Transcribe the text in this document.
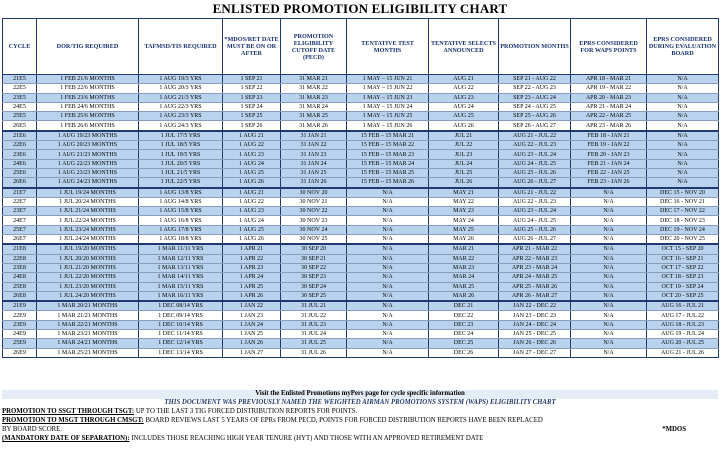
ENLISTED PROMOTION ELIGIBILITY CHART
CYCLE	DOR/TIG REQUIRED	TAFMSD/TIS REQUIRED	*MDOS/RET DATE MUST BE ON OR AFTER	PROMOTION ELIGIBILITY CUTOFF DATE (PECD)	TENTATIVE TEST MONTHS	TENTATIVE SELECTS ANNOUNCED	PROMOTION MONTHS	EPRS CONSIDERED FOR WAPS POINTS	EPRS CONSIDERED DURING EVALUATION BOARD
21E5	1 FEB 21/6 MONTHS	1 AUG 19/3 YRS	1 SEP 21	31 MAR 21	1 MAY – 15 JUN 21	AUG 21	SEP 21 - AUG 22	APR 18 - MAR 21	N/A
22E5	1 FEB 22/6 MONTHS	1 AUG 20/3 YRS	1 SEP 22	31 MAR 22	1 MAY – 15 JUN 22	AUG 22	SEP 22 - AUG 23	APR 19 - MAR 22	N/A
23E5	1 FEB 23/6 MONTHS	1 AUG 21/3 YRS	1 SEP 23	31 MAR 23	1 MAY – 15 JUN 23	AUG 23	SEP 23 - AUG 24	APR 20 - MAR 23	N/A
24E5	1 FEB 24/6 MONTHS	1 AUG 22/3 YRS	1 SEP 24	31 MAR 24	1 MAY – 15 JUN 24	AUG 24	SEP 24 - AUG 25	APR 21 - MAR 24	N/A
25E5	1 FEB 25/6 MONTHS	1 AUG 23/3 YRS	1 SEP 25	31 MAR 25	1 MAY – 15 JUN 25	AUG 25	SEP 25 - AUG 26	APR 22 - MAR 25	N/A
26E5	1 FEB 26/6 MONTHS	1 AUG 24/3 YRS	1 SEP 26	31 MAR 26	1 MAY – 15 JUN 26	AUG 26	SEP 26 - AUG 27	APR 23 - MAR 26	N/A
21E6	1 AUG 19/23 MONTHS	1 JUL 17/5 YRS	1 AUG 21	31 JAN 21	15 FEB – 15 MAR 21	JUL 21	AUG 21 - JUL 22	FEB 18 - JAN 21	N/A
22E6	1 AUG 20/23 MONTHS	1 JUL 18/5 YRS	1 AUG 22	31 JAN 22	15 FEB – 15 MAR 22	JUL 22	AUG 22 - JUL 23	FEB 19 - JAN 22	N/A
23E6	1 AUG 21/23 MONTHS	1 JUL 19/5 YRS	1 AUG 23	31 JAN 23	15 FEB – 15 MAR 23	JUL 23	AUG 23 - JUL 24	FEB 20 - JAN 23	N/A
24E6	1 AUG 22/23 MONTHS	1 JUL 20/5 YRS	1 AUG 24	31 JAN 24	15 FEB – 15 MAR 24	JUL 24	AUG 24 - JUL 25	FEB 21 - JAN 24	N/A
25E6	1 AUG 23/23 MONTHS	1 JUL 21/5 YRS	1 AUG 25	31 JAN 25	15 FEB – 15 MAR 25	JUL 25	AUG 25 - JUL 26	FEB 22 - JAN 25	N/A
26E6	1 AUG 24/23 MONTHS	1 JUL 22/5 YRS	1 AUG 26	31 JAN 26	15 FEB – 15 MAR 26	JUL 26	AUG 26 - JUL 27	FEB 23 - JAN 26	N/A
21E7	1 JUL 19/24 MONTHS	1 AUG 13/8 YRS	1 AUG 21	30 NOV 20	N/A	MAY 21	AUG 21 - JUL 22	N/A	DEC 15 - NOV 20
22E7	1 JUL 20/24 MONTHS	1 AUG 14/8 YRS	1 AUG 22	30 NOV 21	N/A	MAY 22	AUG 22 - JUL 23	N/A	DEC 16 - NOV 21
23E7	1 JUL 21/24 MONTHS	1 AUG 15/8 YRS	1 AUG 23	30 NOV 22	N/A	MAY 23	AUG 23 - JUL 24	N/A	DEC 17 - NOV 22
24E7	1 JUL 22/24 MONTHS	1 AUG 16/8 YRS	1 AUG 24	30 NOV 23	N/A	MAY 24	AUG 24 - JUL 25	N/A	DEC 18 - NOV 23
25E7	1 JUL 23/24 MONTHS	1 AUG 17/8 YRS	1 AUG 25	30 NOV 24	N/A	MAY 25	AUG 25 - JUL 26	N/A	DEC 19 - NOV 24
26E7	1 JUL 24/24 MONTHS	1 AUG 18/8 YRS	1 AUG 26	30 NOV 25	N/A	MAY 26	AUG 26 - JUL 27	N/A	DEC 20 - NOV 25
21E8	1 JUL 19/20 MONTHS	1 MAR 11/11 YRS	1 APR 21	30 SEP 20	N/A	MAR 21	APR 21 - MAR 22	N/A	OCT 15 - SEP 20
22E8	1 JUL 20/20 MONTHS	1 MAR 12/11 YRS	1 APR 22	30 SEP 21	N/A	MAR 22	APR 22 - MAR 23	N/A	OCT 16 - SEP 21
23E8	1 JUL 21/20 MONTHS	1 MAR 13/11 YRS	1 APR 23	30 SEP 22	N/A	MAR 23	APR 23 - MAR 24	N/A	OCT 17 - SEP 22
24E8	1 JUL 22/20 MONTHS	1 MAR 14/11 YRS	1 APR 24	30 SEP 23	N/A	MAR 24	APR 24 - MAR 25	N/A	OCT 18 - SEP 23
25E8	1 JUL 23/20 MONTHS	1 MAR 15/11 YRS	1 APR 25	30 SEP 24	N/A	MAR 25	APR 25 - MAR 26	N/A	OCT 19 - SEP 24
26E8	1 JUL 24/20 MONTHS	1 MAR 16/11 YRS	1 APR 26	30 SEP 25	N/A	MAR 26	APR 26 - MAR 27	N/A	OCT 20 - SEP 25
21E9	1 MAR 20/21 MONTHS	1 DEC 08/14 YRS	1 JAN 22	31 JUL 21	N/A	DEC 21	JAN 22 - DEC 22	N/A	AUG 16 - JUL 21
22E9	1 MAR 21/21 MONTHS	1 DEC 09/14 YRS	1 JAN 23	31 JUL 22	N/A	DEC 22	JAN 23 - DEC 23	N/A	AUG 17 - JUL 22
23E9	1 MAR 22/21 MONTHS	1 DEC 10/14 YRS	1 JAN 24	31 JUL 23	N/A	DEC 23	JAN 24 - DEC 24	N/A	AUG 18 - JUL 23
24E9	1 MAR 23/21 MONTHS	1 DEC 11/14 YRS	1 JAN 25	31 JUL 24	N/A	DEC 24	JAN 25 - DEC 25	N/A	AUG 19 - JUL 24
25E9	1 MAR 24/21 MONTHS	1 DEC 12/14 YRS	1 JAN 26	31 JUL 25	N/A	DEC 25	JAN 26 - DEC 26	N/A	AUG 20 - JUL 25
26E9	1 MAR 25/21 MONTHS	1 DEC 13/14 YRS	1 JAN 27	31 JUL 26	N/A	DEC 26	JAN 27 - DEC 27	N/A	AUG 21 - JUL 26
Visit the Enlisted Promotions myPers page for cycle specific information
THIS DOCUMENT WAS PREVIOUSLY NAMED THE WEIGHTED AIRMAN PROMOTIONS SYSTEM (WAPS) ELIGIBILITY CHART
PROMOTION TO SSGT THROUGH TSGT: UP TO THE LAST 3 TIG FORCED DISTRIBUTION REPORTS FOR POINTS.
PROMOTION TO MSGT THROUGH CMSGT: BOARD REVIEWS LAST 5 YEARS OF EPRs FROM PECD, POINTS FOR FORCED DISTRIBUTION REPORTS HAVE BEEN REPLACED
BY BOARD SCORE.	*MDOS
(MANDATORY DATE OF SEPARATION): INCLUDES THOSE REACHING HIGH YEAR TENURE (HYT) AND THOSE WITH AN APPROVED RETIREMENT DATE
